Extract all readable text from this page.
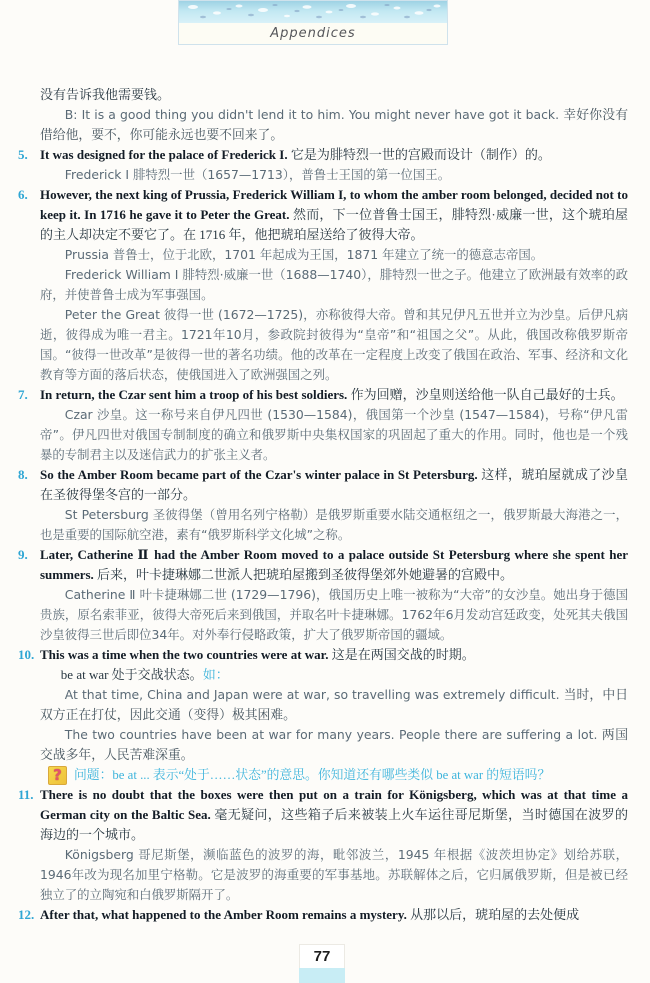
Appendices

没有告诉我他需要钱。

B: It is a good thing you didn't lend it to him. You might never have got it back. 幸好你没有借给他，要不，你可能永远也要不回来了。

5. It was designed for the palace of Frederick I. 它是为腓特烈一世的宫殿而设计（制作）的。

Frederick I 腓特烈一世（1657—1713），普鲁士王国的第一位国王。

6. However, the next king of Prussia, Frederick William I, to whom the amber room belonged, decided not to keep it. In 1716 he gave it to Peter the Great. 然而，下一位普鲁士国王，腓特烈·威廉一世，这个琥珀屋的主人却决定不要它了。在 1716 年，他把琥珀屋送给了彼得大帝。

Prussia 普鲁士，位于北欧，1701 年起成为王国，1871 年建立了统一的德意志帝国。

Frederick William I 腓特烈·威廉一世（1688—1740），腓特烈一世之子。他建立了欧洲最有效率的政府，并使普鲁士成为军事强国。

Peter the Great 彼得一世 (1672—1725)，亦称彼得大帝。曾和其兄伊凡五世并立为沙皇。后伊凡病逝，彼得成为唯一君主。1721年10月，参政院封彼得为“皇帝”和“祖国之父”。从此，俄国改称俄罗斯帝国。“彼得一世改革”是彼得一世的著名功绩。他的改革在一定程度上改变了俄国在政治、军事、经济和文化教育等方面的落后状态，使俄国进入了欧洲强国之列。

7. In return, the Czar sent him a troop of his best soldiers. 作为回赠，沙皇则送给他一队自己最好的士兵。

Czar 沙皇。这一称号来自伊凡四世 (1530—1584)，俄国第一个沙皇 (1547—1584)，号称“伊凡雷帝”。伊凡四世对俄国专制制度的确立和俄罗斯中央集权国家的巩固起了重大的作用。同时，他也是一个残暴的专制君主以及迷信武力的扩张主义者。

8. So the Amber Room became part of the Czar's winter palace in St Petersburg. 这样，琥珀屋就成了沙皇在圣彼得堡冬宫的一部分。

St Petersburg 圣彼得堡（曾用名列宁格勒）是俄罗斯重要水陆交通枢纽之一，俄罗斯最大海港之一，也是重要的国际航空港，素有“俄罗斯科学文化城”之称。

9. Later, Catherine Ⅱ had the Amber Room moved to a palace outside St Petersburg where she spent her summers. 后来，叶卡捷琳娜二世派人把琥珀屋搬到圣彼得堡郊外她避暑的宫殿中。

Catherine Ⅱ 叶卡捷琳娜二世 (1729—1796)，俄国历史上唯一被称为“大帝”的女沙皇。她出身于德国贵族，原名索菲亚，彼得大帝死后来到俄国，并取名叶卡捷琳娜。1762年6月发动宫廷政变，处死其夫俄国沙皇彼得三世后即位34年。对外奉行侵略政策，扩大了俄罗斯帝国的疆域。

10. This was a time when the two countries were at war. 这是在两国交战的时期。

be at war 处于交战状态。如：

At that time, China and Japan were at war, so travelling was extremely difficult. 当时，中日双方正在打仗，因此交通（变得）极其困难。

The two countries have been at war for many years. People there are suffering a lot. 两国交战多年，人民苦难深重。

? 问题：be at ... 表示“处于……状态”的意思。你知道还有哪些类似 be at war 的短语吗？

11. There is no doubt that the boxes were then put on a train for Königsberg, which was at that time a German city on the Baltic Sea. 毫无疑问，这些箱子后来被装上火车运往哥尼斯堡，当时德国在波罗的海边的一个城市。

Königsberg 哥尼斯堡，濒临蓝色的波罗的海，毗邻波兰，1945 年根据《波茨坦协定》划给苏联，1946年改为现名加里宁格勒。它是波罗的海重要的军事基地。苏联解体之后，它归属俄罗斯，但是被已经独立了的立陶宛和白俄罗斯隔开了。

12. After that, what happened to the Amber Room remains a mystery. 从那以后，琥珀屋的去处便成

77
